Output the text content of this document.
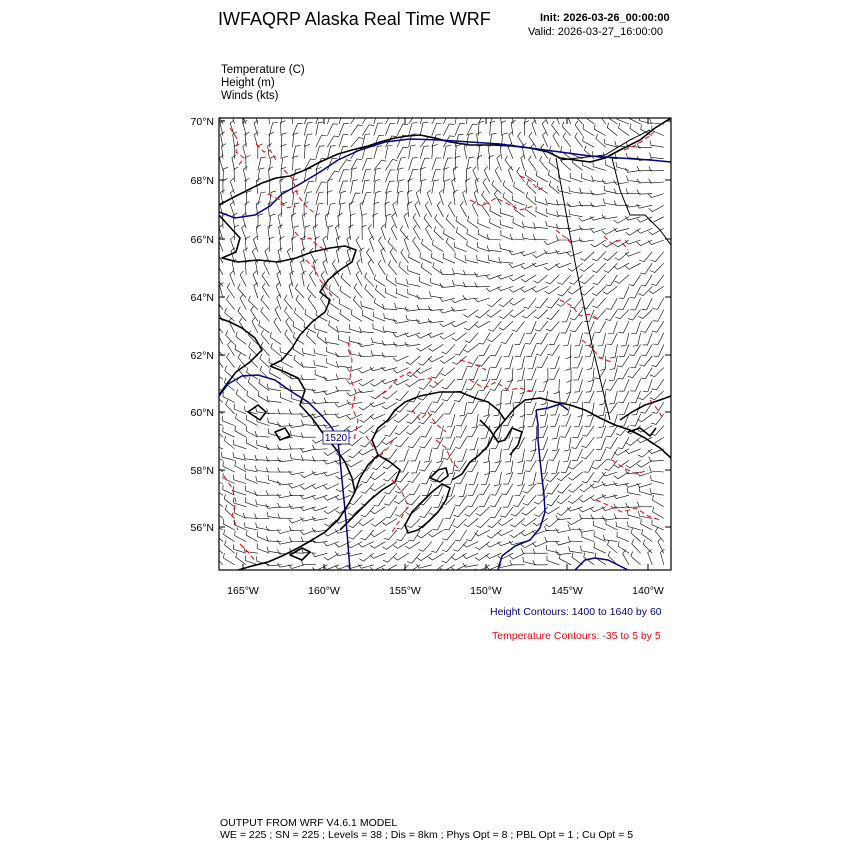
IWFAQRP Alaska Real Time WRF	Init: 2026-03-26_00:00:00
Valid: 2026-03-27_16:00:00
Temperature (C)
Height (m)
Winds (kts)
70°N
68°N
66°N
64°N
62°N
60°N
58°N
56°N
165°W	160°W	155°W	150°W	145°W	140°W
1520
Height Contours: 1400 to 1640 by 60
Temperature Contours: -35 to 5 by 5
OUTPUT FROM WRF V4.6.1 MODEL
WE = 225 ; SN = 225 ; Levels = 38 ; Dis = 8km ; Phys Opt = 8 ; PBL Opt = 1 ; Cu Opt = 5
